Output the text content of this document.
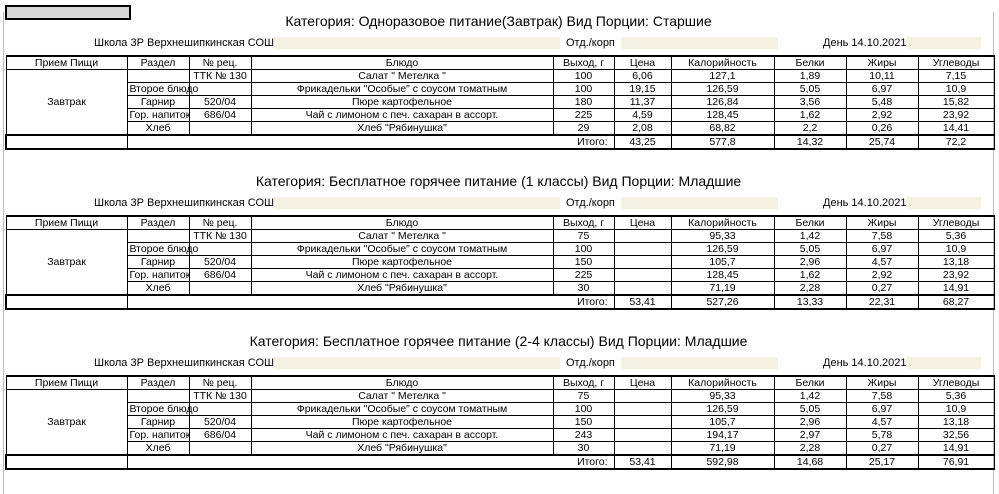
Категория: Одноразовое питание(Завтрак) Вид Порции: Старшие
Школа 3Р Верхнешипкинская СОШ	Отд./корп	День 14.10.2021
Прием Пищи	Раздел	№ рец.	Блюдо	Выход, г	Цена	Калорийность	Белки	Жиры	Углеводы
Завтрак		ТТК № 130	Салат " Метелка "	100	6,06	127,1	1,89	10,11	7,15
	Второе блюдо		Фрикадельки "Особые" с соусом томатным	100	19,15	126,59	5,05	6,97	10,9
	Гарнир	520/04	Пюре картофельное	180	11,37	126,84	3,56	5,48	15,82
	Гор. напиток	686/04	Чай с лимоном с печ. сахаран в ассорт.	225	4,59	128,45	1,62	2,92	23,92
	Хлеб		Хлеб "Рябинушка"	29	2,08	68,82	2,2	0,26	14,41
	Итого:				43,25	577,8	14,32	25,74	72,2
Категория: Бесплатное горячее питание (1 классы) Вид Порции: Младшие
Школа 3Р Верхнешипкинская СОШ	Отд./корп	День 14.10.2021
Прием Пищи	Раздел	№ рец.	Блюдо	Выход, г	Цена	Калорийность	Белки	Жиры	Углеводы
Завтрак		ТТК № 130	Салат " Метелка "	75		95,33	1,42	7,58	5,36
	Второе блюдо		Фрикадельки "Особые" с соусом томатным	100		126,59	5,05	6,97	10,9
	Гарнир	520/04	Пюре картофельное	150		105,7	2,96	4,57	13,18
	Гор. напиток	686/04	Чай с лимоном с печ. сахаран в ассорт.	225		128,45	1,62	2,92	23,92
	Хлеб		Хлеб "Рябинушка"	30		71,19	2,28	0,27	14,91
	Итого:				53,41	527,26	13,33	22,31	68,27
Категория: Бесплатное горячее питание (2-4 классы) Вид Порции: Младшие
Школа 3Р Верхнешипкинская СОШ	Отд./корп	День 14.10.2021
Прием Пищи	Раздел	№ рец.	Блюдо	Выход, г	Цена	Калорийность	Белки	Жиры	Углеводы
Завтрак		ТТК № 130	Салат " Метелка "	75		95,33	1,42	7,58	5,36
	Второе блюдо		Фрикадельки "Особые" с соусом томатным	100		126,59	5,05	6,97	10,9
	Гарнир	520/04	Пюре картофельное	150		105,7	2,96	4,57	13,18
	Гор. напиток	686/04	Чай с лимоном с печ. сахаран в ассорт.	243		194,17	2,97	5,78	32,56
	Хлеб		Хлеб "Рябинушка"	30		71,19	2,28	0,27	14,91
	Итого:				53,41	592,98	14,68	25,17	76,91
